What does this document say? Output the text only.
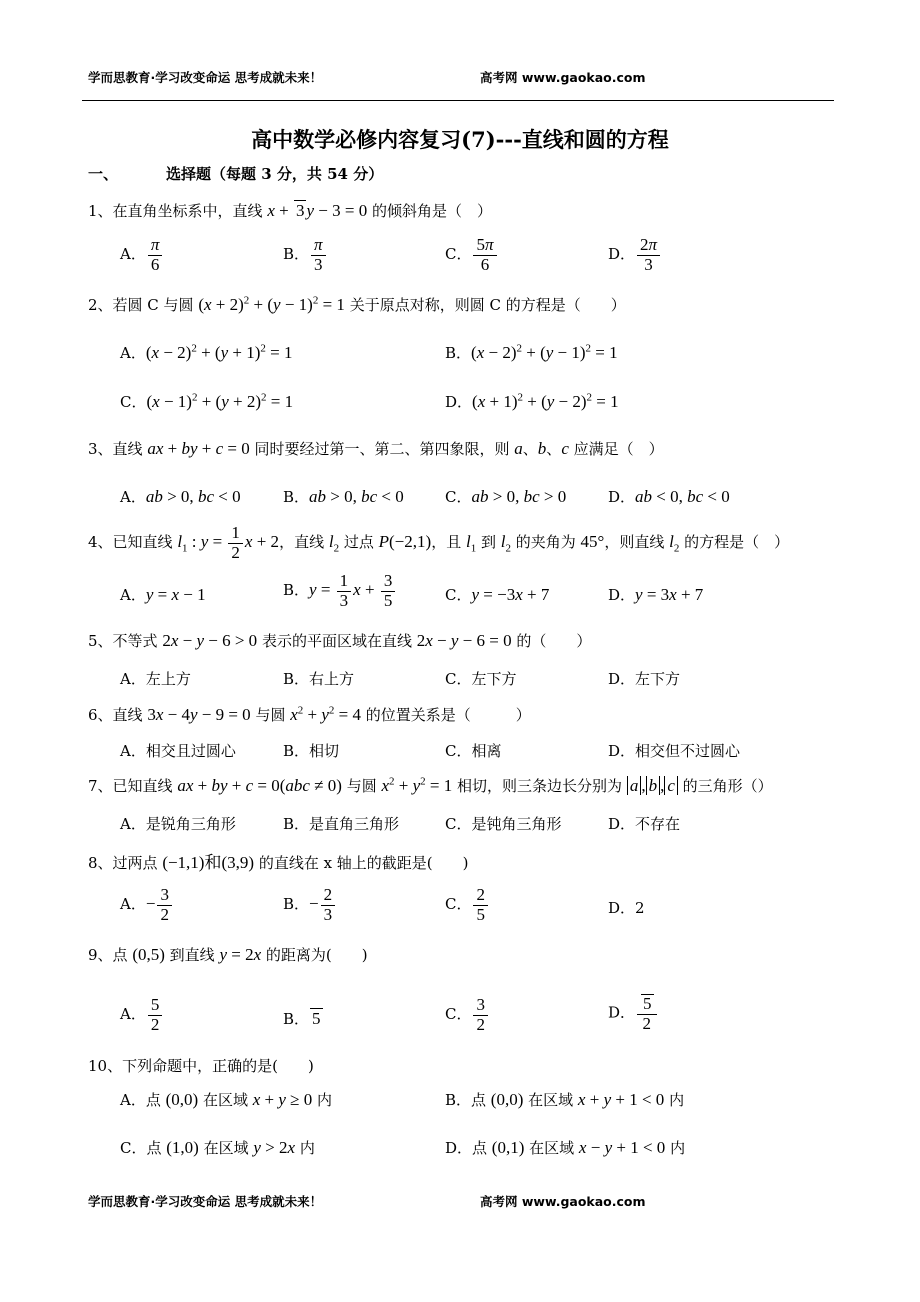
学而思教育·学习改变命运 思考成就未来！	高考网 www.gaokao.com
高中数学必修内容复习(7)---直线和圆的方程
一、	选择题（每题 3 分，共 54 分）
1、在直角坐标系中，直线 x + 3 y − 3 = 0 的倾斜角是（　）
A． $\frac{\pi}{6}$	B． $\frac{\pi}{3}$	C． $\frac{5\pi}{6}$	D． $\frac{2\pi}{3}$
2、若圆 C 与圆 $(x + 2)^2 + (y - 1)^2 = 1$ 关于原点对称，则圆 C 的方程是（　　）
A．$(x - 2)^2 + (y + 1)^2 = 1$	B．$(x - 2)^2 + (y - 1)^2 = 1$
C．$(x - 1)^2 + (y + 2)^2 = 1$	D．$(x + 1)^2 + (y - 2)^2 = 1$
3、直线 ax + by + c = 0 同时要经过第一、第二、第四象限，则 a、b、c 应满足（　）
A．ab > 0, bc < 0	B．ab > 0, bc < 0	C．ab > 0, bc > 0	D．ab < 0, bc < 0
4、已知直线 $l_1$ : $y = \frac{1}{2}$ x + 2，直线 $l_2$ 过点 P(−2,1)，且 $l_1$ 到 $l_2$ 的夹角为 45°，则直线 $l_2$ 的方程是（　）
A．y = x − 1	B．$y = \frac{1}{3}$ $x + \frac{3}{5}$	C．y = −3x + 7	D．y = 3x + 7
5、不等式 2x − y − 6 > 0 表示的平面区域在直线 2x − y − 6 = 0 的（　　）
A．左上方	B．右上方	C．左下方	D．左下方
6、直线 3x − 4y − 9 = 0 与圆 $x^2 + y^2 = 4$ 的位置关系是（　　　）
A．相交且过圆心	B．相切	C．相离	D．相交但不过圆心
7、已知直线 ax + by + c = 0(abc ≠ 0) 与圆 $x^2 + y^2 = 1$ 相切，则三条边长分别为 a , b , c 的三角形（）
A．是锐角三角形	B．是直角三角形	C．是钝角三角形	D．不存在
8、过两点 (−1,1)和(3,9) 的直线在 x 轴上的截距是(　　)
A．− $\frac{3}{2}$	B．− $\frac{2}{3}$	C． $\frac{2}{5}$	D．2
9、点 (0,5) 到直线 y = 2x 的距离为(　　)
A． $\frac{5}{2}$	B． 5	C． $\frac{3}{2}$	D． $\frac{5}{2}$
10、下列命题中，正确的是(　　)
A．点 (0,0) 在区域 x + y ≥ 0 内	B．点 (0,0) 在区域 x + y + 1 < 0 内
C．点 (1,0) 在区域 y > 2x 内	D．点 (0,1) 在区域 x − y + 1 < 0 内
学而思教育·学习改变命运 思考成就未来！	高考网 www.gaokao.com
